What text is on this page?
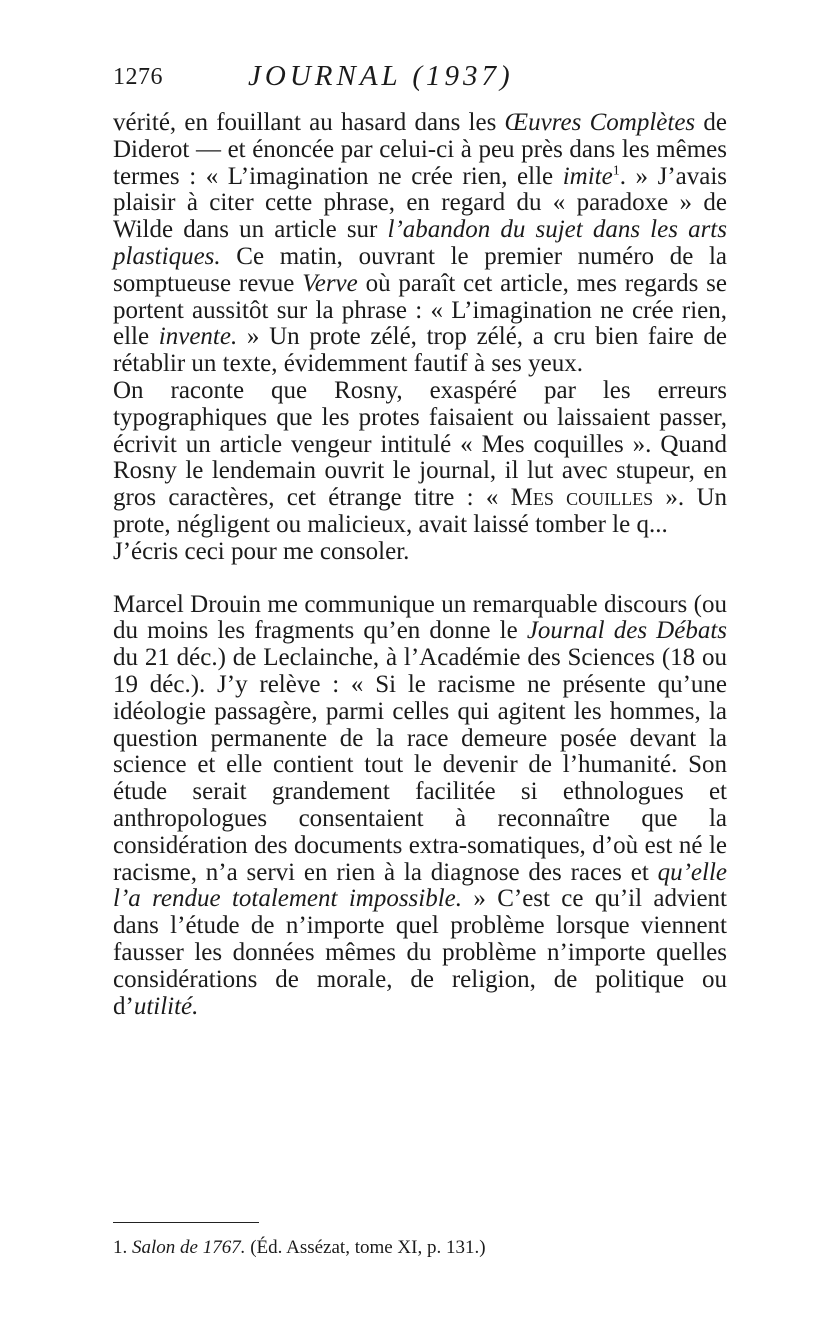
1276	JOURNAL (1937)

vérité, en fouillant au hasard dans les Œuvres Complètes de Diderot — et énoncée par celui-ci à peu près dans les mêmes termes : « L’imagination ne crée rien, elle imite$^1$. » J’avais plaisir à citer cette phrase, en regard du « paradoxe » de Wilde dans un article sur l’abandon du sujet dans les arts plastiques. Ce matin, ouvrant le premier numéro de la somptueuse revue Verve où paraît cet article, mes regards se portent aussitôt sur la phrase : « L’imagination ne crée rien, elle invente. » Un prote zélé, trop zélé, a cru bien faire de rétablir un texte, évidemment fautif à ses yeux.

On raconte que Rosny, exaspéré par les erreurs typographiques que les protes faisaient ou laissaient passer, écrivit un article vengeur intitulé « Mes coquilles ». Quand Rosny le lendemain ouvrit le journal, il lut avec stupeur, en gros caractères, cet étrange titre : « Mes couilles ». Un prote, négligent ou malicieux, avait laissé tomber le q...

J’écris ceci pour me consoler.

Marcel Drouin me communique un remarquable discours (ou du moins les fragments qu’en donne le Journal des Débats du 21 déc.) de Leclainche, à l’Académie des Sciences (18 ou 19 déc.). J’y relève : « Si le racisme ne présente qu’une idéologie passagère, parmi celles qui agitent les hommes, la question permanente de la race demeure posée devant la science et elle contient tout le devenir de l’humanité. Son étude serait grandement facilitée si ethnologues et anthropologues consentaient à reconnaître que la considération des documents extra-somatiques, d’où est né le racisme, n’a servi en rien à la diagnose des races et qu’elle l’a rendue totalement impossible. » C’est ce qu’il advient dans l’étude de n’importe quel problème lorsque viennent fausser les données mêmes du problème n’importe quelles considérations de morale, de religion, de politique ou d’utilité.

1. Salon de 1767. (Éd. Assézat, tome XI, p. 131.)
